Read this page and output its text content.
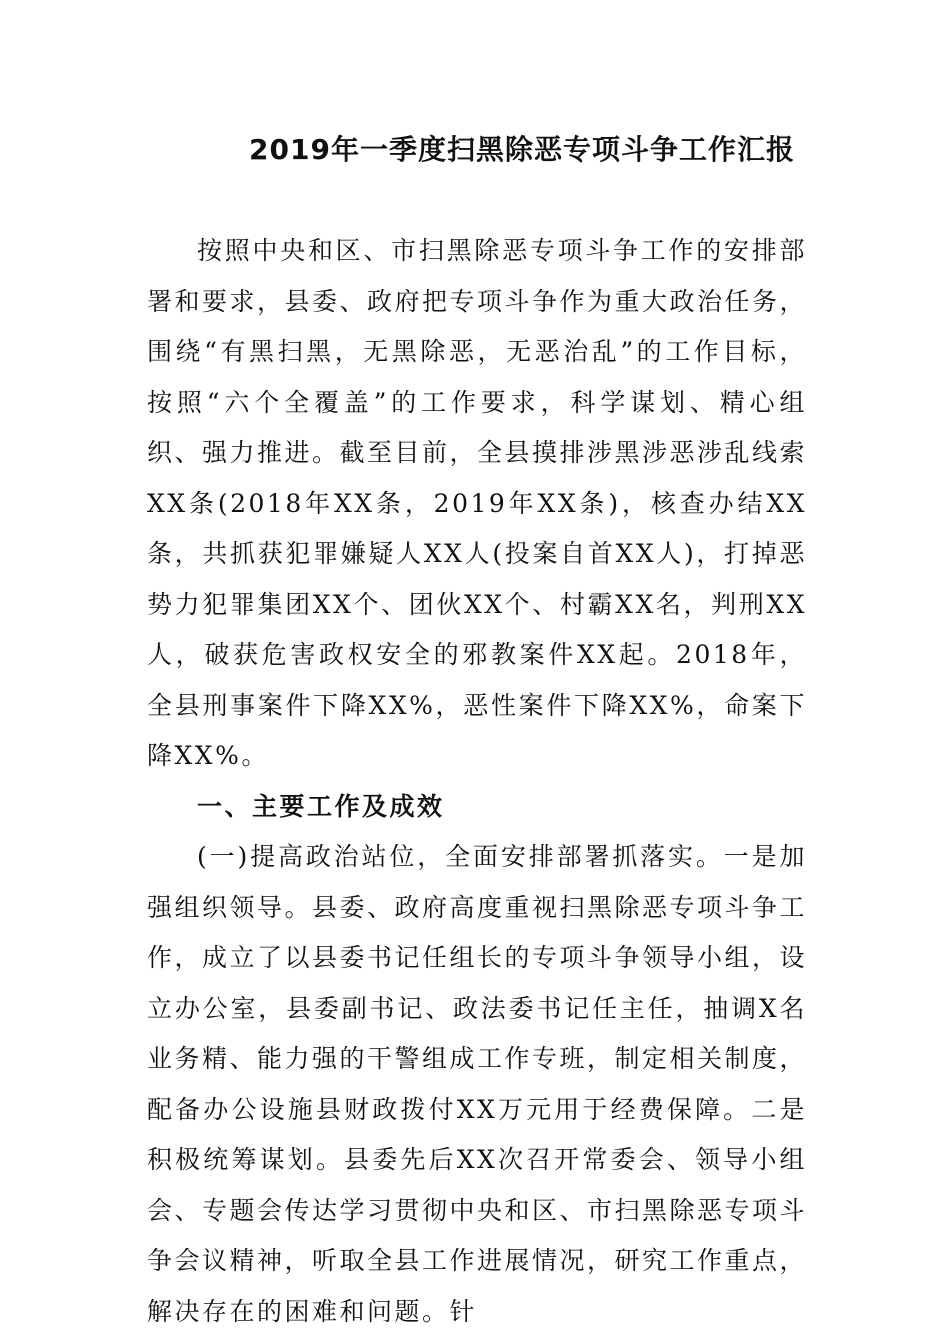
2019年一季度扫黑除恶专项斗争工作汇报

按照中央和区、市扫黑除恶专项斗争工作的安排部署和要求，县委、政府把专项斗争作为重大政治任务，围绕“有黑扫黑，无黑除恶，无恶治乱”的工作目标，按照“六个全覆盖”的工作要求，科学谋划、精心组织、强力推进。截至目前，全县摸排涉黑涉恶涉乱线索XX条(2018年XX条，2019年XX条)，核查办结XX条，共抓获犯罪嫌疑人XX人(投案自首XX人)，打掉恶势力犯罪集团XX个、团伙XX个、村霸XX名，判刑XX人，破获危害政权安全的邪教案件XX起。2018年，全县刑事案件下降XX%，恶性案件下降XX%，命案下降XX%。

一、主要工作及成效

(一)提高政治站位，全面安排部署抓落实。一是加强组织领导。县委、政府高度重视扫黑除恶专项斗争工作，成立了以县委书记任组长的专项斗争领导小组，设立办公室，县委副书记、政法委书记任主任，抽调X名业务精、能力强的干警组成工作专班，制定相关制度，配备办公设施县财政拨付XX万元用于经费保障。二是积极统筹谋划。县委先后XX次召开常委会、领导小组会、专题会传达学习贯彻中央和区、市扫黑除恶专项斗争会议精神，听取全县工作进展情况，研究工作重点，解决存在的困难和问题。针
